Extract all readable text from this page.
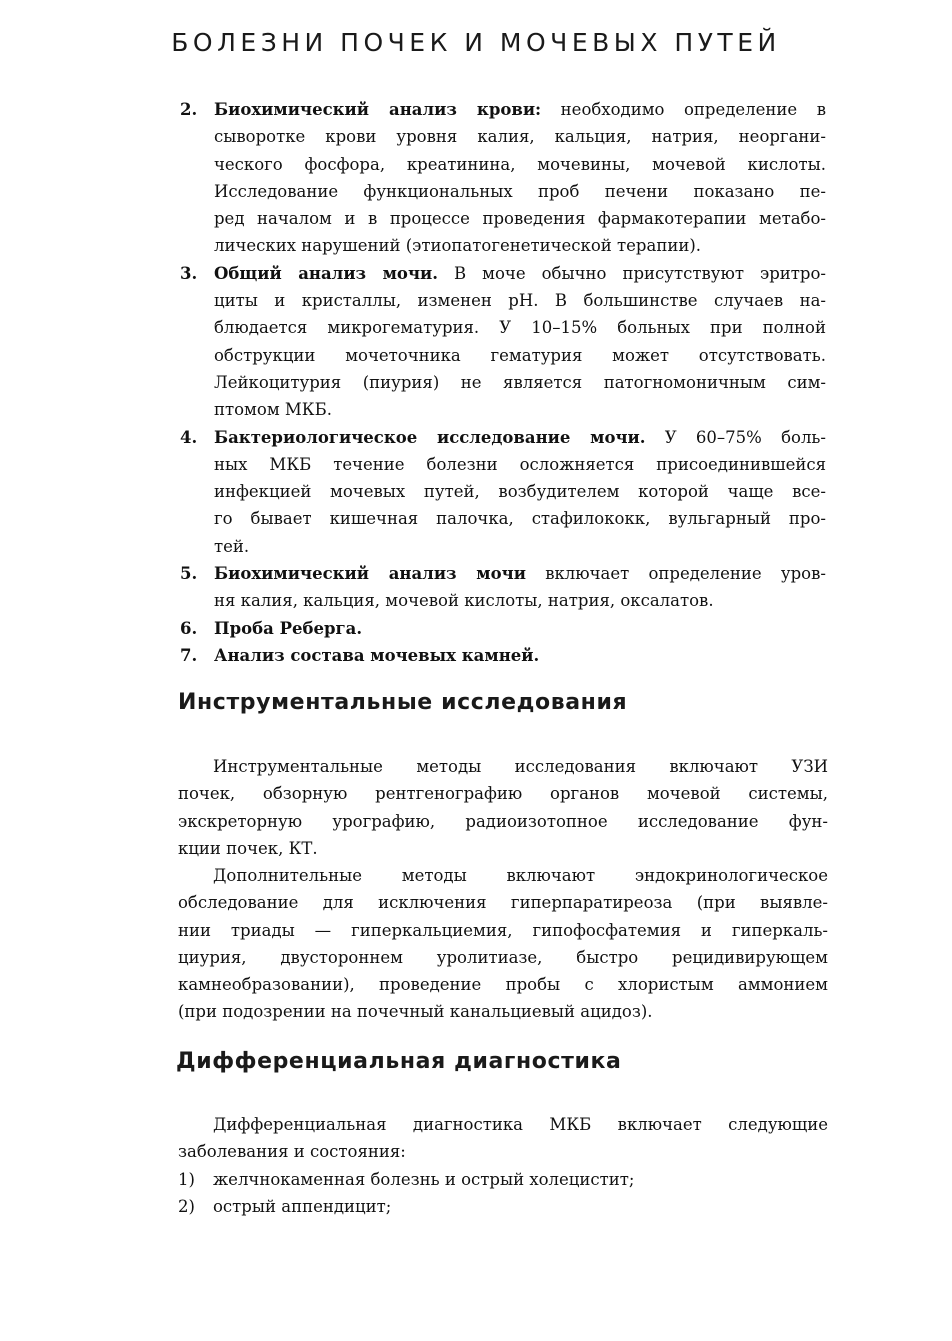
БОЛЕЗНИ ПОЧЕК И МОЧЕВЫХ ПУТЕЙ
2. Биохимический анализ крови: необходимо определение в
сыворотке крови уровня калия, кальция, натрия, неоргани-
ческого фосфора, креатинина, мочевины, мочевой кислоты.
Исследование функциональных проб печени показано пе-
ред началом и в процессе проведения фармакотерапии метабо-
лических нарушений (этиопатогенетической терапии).
3. Общий анализ мочи. В моче обычно присутствуют эритро-
циты и кристаллы, изменен рН. В большинстве случаев на-
блюдается микрогематурия. У 10–15% больных при полной
обструкции мочеточника гематурия может отсутствовать.
Лейкоцитурия (пиурия) не является патогномоничным сим-
птомом МКБ.
4. Бактериологическое исследование мочи. У 60–75% боль-
ных МКБ течение болезни осложняется присоединившейся
инфекцией мочевых путей, возбудителем которой чаще все-
го бывает кишечная палочка, стафилококк, вульгарный про-
тей.
5. Биохимический анализ мочи включает определение уров-
ня калия, кальция, мочевой кислоты, натрия, оксалатов.
6. Проба Реберга.
7. Анализ состава мочевых камней.
Инструментальные исследования
Инструментальные методы исследования включают УЗИ
почек, обзорную рентгенографию органов мочевой системы,
экскреторную урографию, радиоизотопное исследование фун-
кции почек, КТ.
Дополнительные методы включают эндокринологическое
обследование для исключения гиперпаратиреоза (при выявле-
нии триады — гиперкальциемия, гипофосфатемия и гиперкаль-
циурия, двустороннем уролитиазе, быстро рецидивирующем
камнеобразовании), проведение пробы с хлористым аммонием
(при подозрении на почечный канальциевый ацидоз).
Дифференциальная диагностика
Дифференциальная диагностика МКБ включает следующие
заболевания и состояния:
1) желчнокаменная болезнь и острый холецистит;
2) острый аппендицит;
